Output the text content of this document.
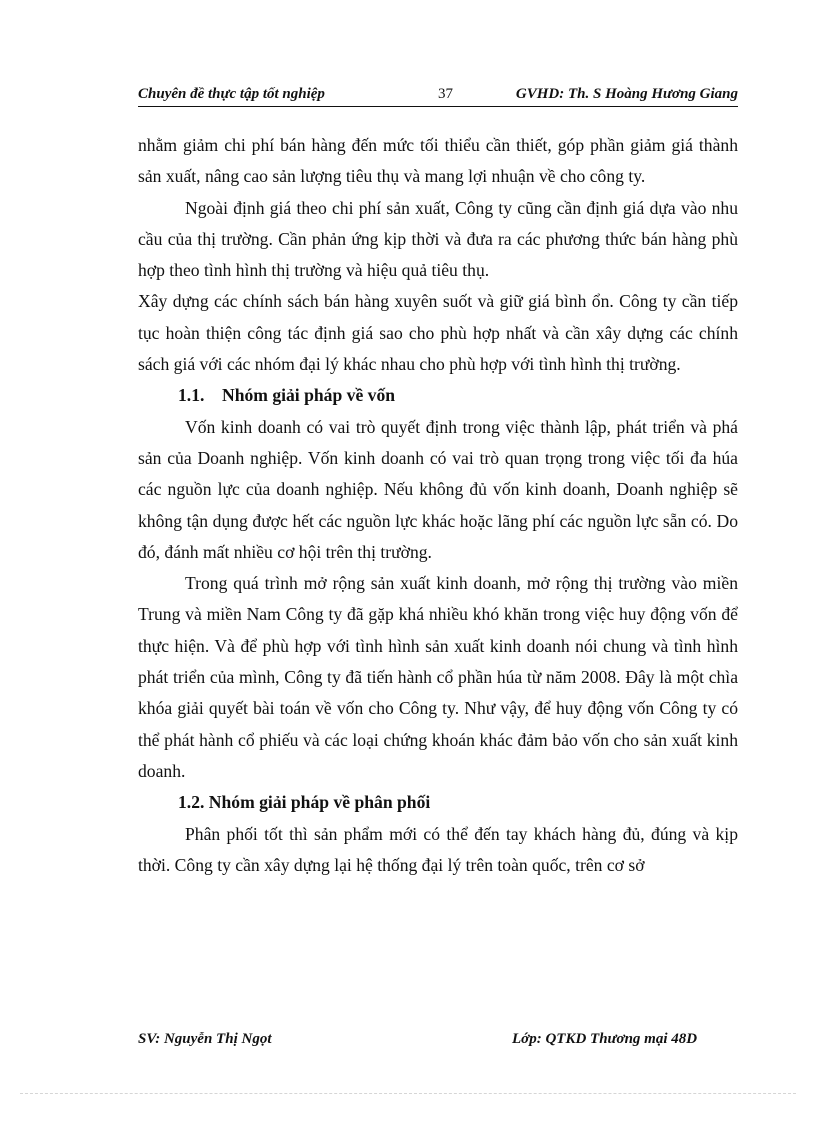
Chuyên đề thực tập tốt nghiệp	37	GVHD: Th. S Hoàng Hương Giang

nhằm giảm chi phí bán hàng đến mức tối thiểu cần thiết, góp phần giảm giá thành sản xuất, nâng cao sản lượng tiêu thụ và mang lợi nhuận về cho công ty.

Ngoài định giá theo chi phí sản xuất, Công ty cũng cần định giá dựa vào nhu cầu của thị trường. Cần phản ứng kịp thời và đưa ra các phương thức bán hàng phù hợp theo tình hình thị trường và hiệu quả tiêu thụ.

Xây dựng các chính sách bán hàng xuyên suốt và giữ giá bình ổn. Công ty cần tiếp tục hoàn thiện công tác định giá sao cho phù hợp nhất và cần xây dựng các chính sách giá với các nhóm đại lý khác nhau cho phù hợp với tình hình thị trường.

1.1.    Nhóm giải pháp về vốn

Vốn kinh doanh có vai trò quyết định trong việc thành lập, phát triển và phá sản của Doanh nghiệp. Vốn kinh doanh có vai trò quan trọng trong việc tối đa húa các nguồn lực của doanh nghiệp. Nếu không đủ vốn kinh doanh, Doanh nghiệp sẽ không tận dụng được hết các nguồn lực khác hoặc lãng phí các nguồn lực sẵn có. Do đó, đánh mất nhiều cơ hội trên thị trường.

Trong quá trình mở rộng sản xuất kinh doanh, mở rộng thị trường vào miền Trung và miền Nam Công ty đã gặp khá nhiều khó khăn trong việc huy động vốn để thực hiện. Và để phù hợp với tình hình sản xuất kinh doanh nói chung và tình hình phát triển của mình, Công ty đã tiến hành cổ phần húa từ năm 2008. Đây là một chìa khóa giải quyết bài toán về vốn cho Công ty. Như vậy, để huy động vốn Công ty có thể phát hành cổ phiếu và các loại chứng khoán khác đảm bảo vốn cho sản xuất kinh doanh.

1.2. Nhóm giải pháp về phân phối

Phân phối tốt thì sản phẩm mới có thể đến tay khách hàng đủ, đúng và kịp thời. Công ty cần xây dựng lại hệ thống đại lý trên toàn quốc, trên cơ sở

SV: Nguyễn Thị Ngọt	Lớp: QTKD Thương mại 48D
